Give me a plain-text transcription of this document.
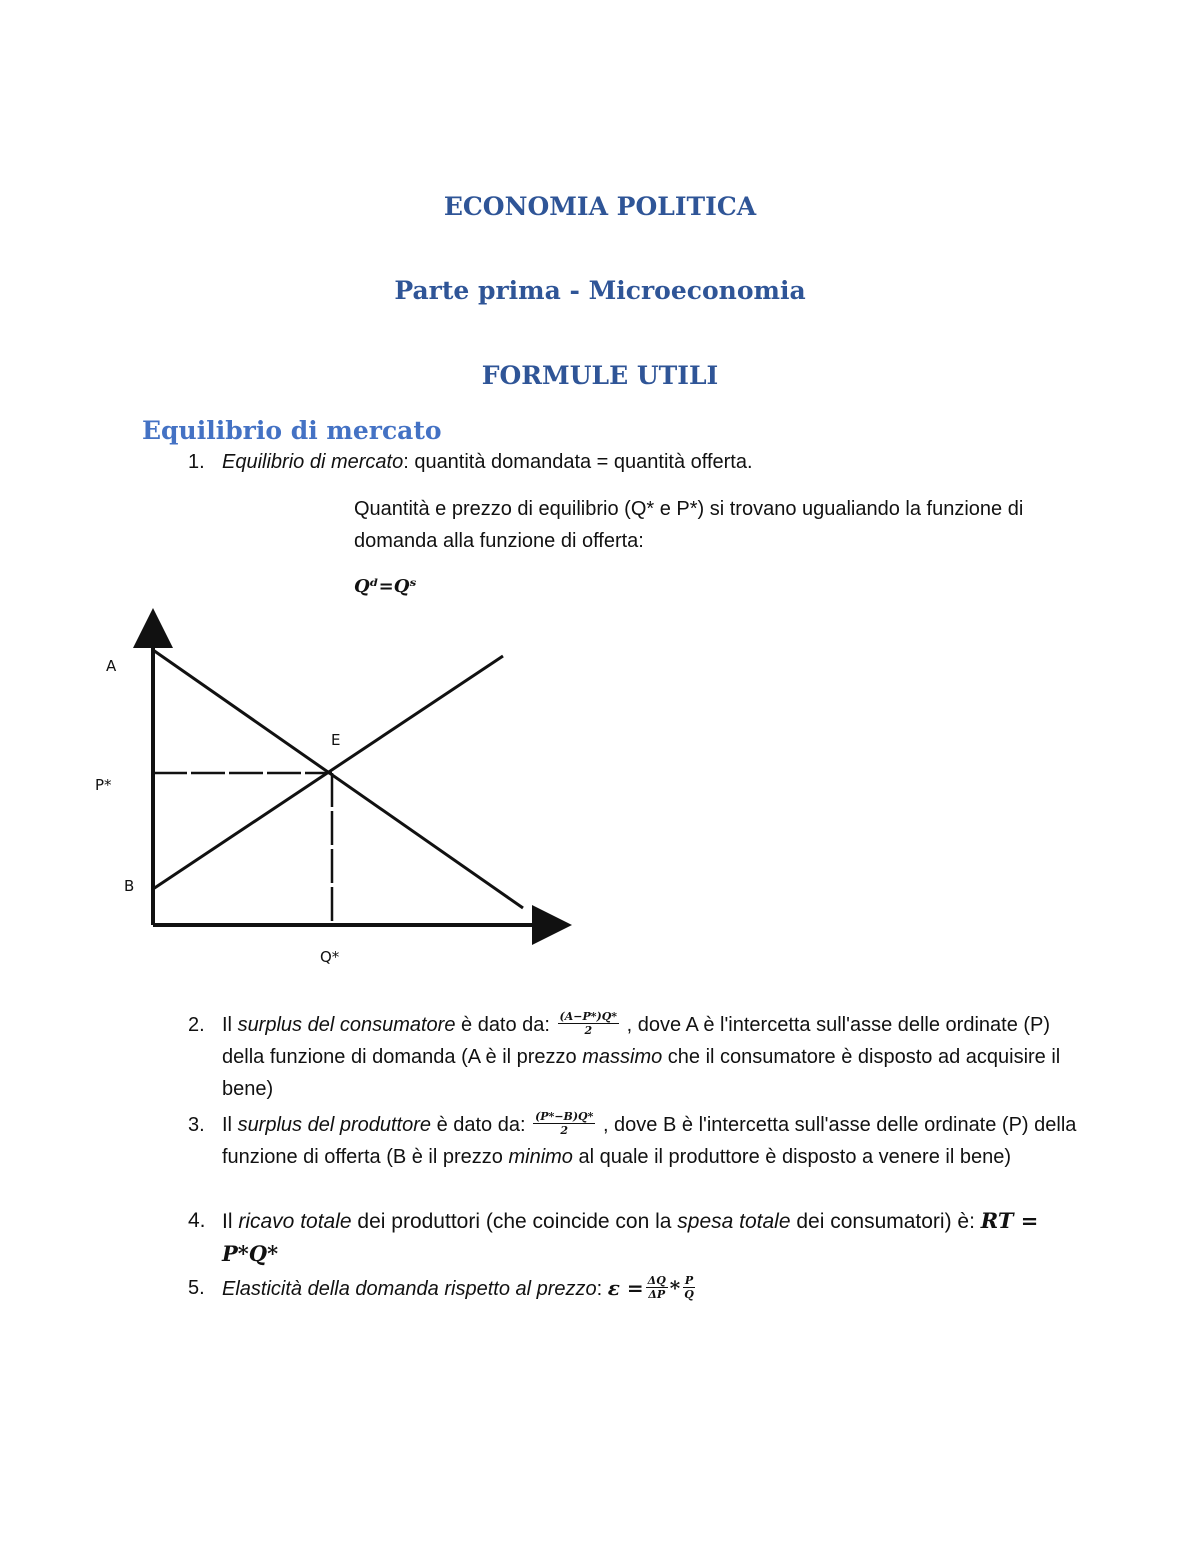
ECONOMIA POLITICA
Parte prima - Microeconomia
FORMULE UTILI
Equilibrio di mercato
1. Equilibrio di mercato: quantità domandata = quantità offerta.
Quantità e prezzo di equilibrio (Q* e P*) si trovano ugualiando la funzione di domanda alla funzione di offerta:
Qᵈ=Qˢ
A
E
P*
B
Q*
2. Il surplus del consumatore è dato da: $\frac{(A-P*)Q*}{2}$ , dove A è l'intercetta sull'asse delle ordinate (P) della funzione di domanda (A è il prezzo massimo che il consumatore è disposto ad acquisire il bene)
3. Il surplus del produttore è dato da: $\frac{(P*-B)Q*}{2}$ , dove B è l'intercetta sull'asse delle ordinate (P) della funzione di offerta (B è il prezzo minimo al quale il produttore è disposto a venere il bene)
4. Il ricavo totale dei produttori (che coincide con la spesa totale dei consumatori) è: RT = P*Q*
5. Elasticità della domanda rispetto al prezzo: $\varepsilon = \frac{\Delta Q}{\Delta P} * \frac{P}{Q}$
